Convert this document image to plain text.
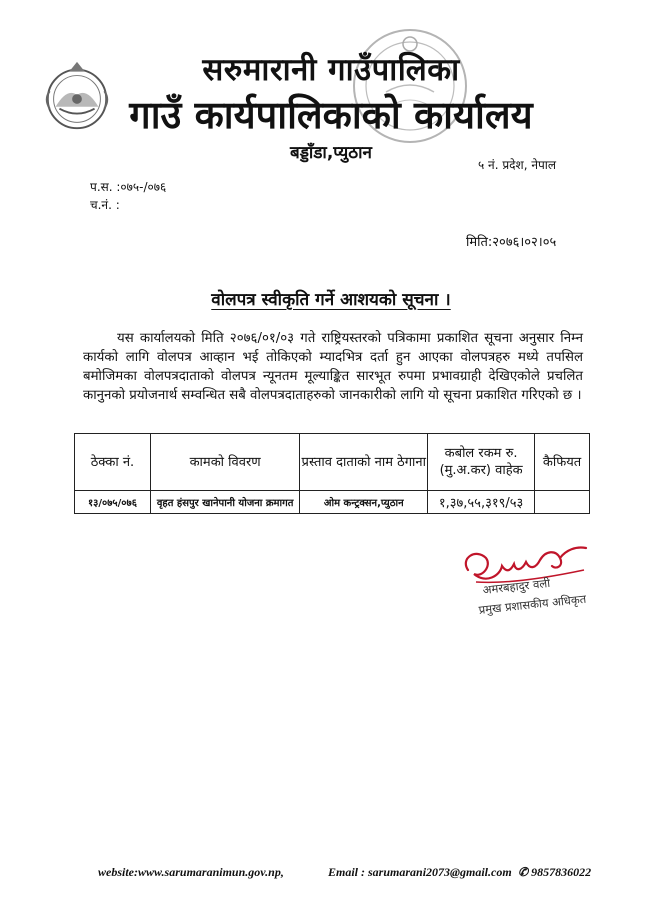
सरुमारानी गाउँपालिका
गाउँ कार्यपालिकाको कार्यालय
बड्डाँडा,प्युठान
५ नं. प्रदेश, नेपाल
प.स. :०७५-/०७६
च.नं. :
मिति:२०७६।०२।०५
वोलपत्र स्वीकृति गर्ने आशयको सूचना ।
यस कार्यालयको मिति २०७६/०१/०३ गते राष्ट्रियस्तरको पत्रिकामा प्रकाशित सूचना अनुसार निम्न कार्यको लागि वोलपत्र आव्हान भई तोकिएको म्यादभित्र दर्ता हुन आएका वोलपत्रहरु मध्ये तपसिल बमोजिमका वोलपत्रदाताको वोलपत्र न्यूनतम मूल्याङ्कित सारभूत रुपमा प्रभावग्राही देखिएकोले प्रचलित कानुनको प्रयोजनार्थ सम्वन्धित सबै वोलपत्रदाताहरुको जानकारीको लागि यो सूचना प्रकाशित गरिएको छ ।
ठेक्का नं.	कामको विवरण	प्रस्ताव दाताको नाम ठेगाना	कबोल रकम रु. (मु.अ.कर) वाहेक	कैफियत
१३/०७५/०७६	वृहत हंसपुर खानेपानी योजना क्रमागत	ओम कन्ट्रक्सन,प्युठान	१,३७,५५,३१९/५३	
अमरबहादुर वली
प्रमुख प्रशासकीय अधिकृत
website:www.sarumaranimun.gov.np,	Email : sarumarani2073@gmail.com ✆ 9857836022
